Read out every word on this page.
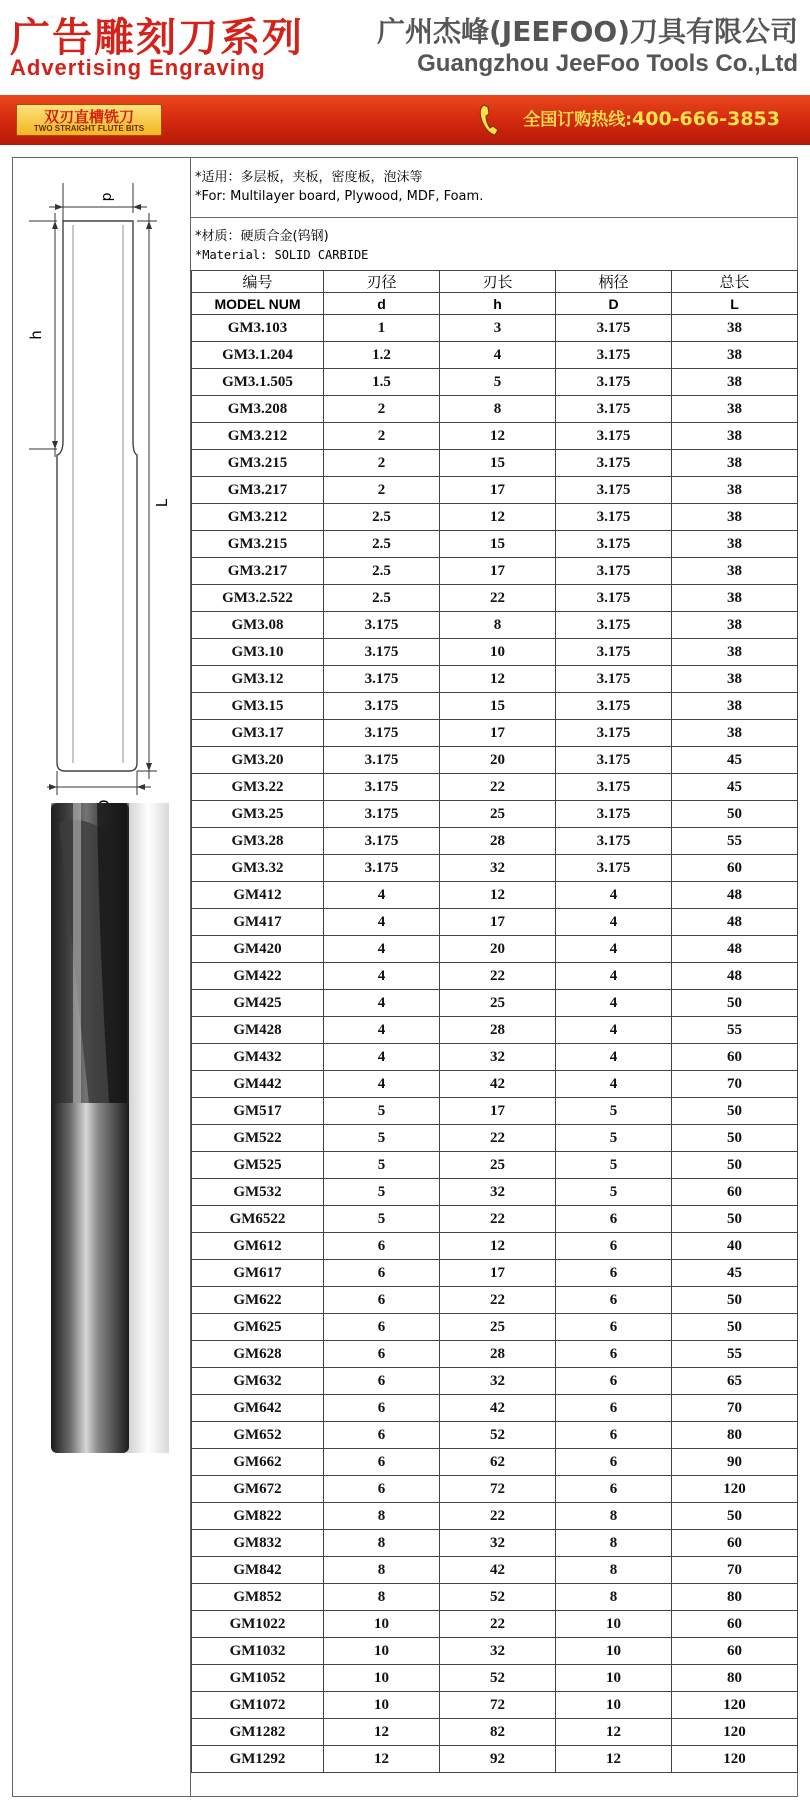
广告雕刻刀系列
Advertising Engraving
广州杰峰(JEEFOO)刀具有限公司
Guangzhou JeeFoo Tools Co.,Ltd
双刃直槽铣刀
TWO STRAIGHT FLUTE BITS	全国订购热线:400-666-3853
d
h
L
*适用：多层板，夹板，密度板，泡沫等
*For: Multilayer board, Plywood, MDF, Foam.
*材质：硬质合金(钨钢)
*Material: SOLID CARBIDE
编号	刃径	刃长	柄径	总长
MODEL NUM	d	h	D	L
GM3.103	1	3	3.175	38
GM3.1.204	1.2	4	3.175	38
GM3.1.505	1.5	5	3.175	38
GM3.208	2	8	3.175	38
GM3.212	2	12	3.175	38
GM3.215	2	15	3.175	38
GM3.217	2	17	3.175	38
GM3.212	2.5	12	3.175	38
GM3.215	2.5	15	3.175	38
GM3.217	2.5	17	3.175	38
GM3.2.522	2.5	22	3.175	38
GM3.08	3.175	8	3.175	38
GM3.10	3.175	10	3.175	38
GM3.12	3.175	12	3.175	38
GM3.15	3.175	15	3.175	38
GM3.17	3.175	17	3.175	38
GM3.20	3.175	20	3.175	45
GM3.22	3.175	22	3.175	45
GM3.25	3.175	25	3.175	50
GM3.28	3.175	28	3.175	55
GM3.32	3.175	32	3.175	60
GM412	4	12	4	48
GM417	4	17	4	48
GM420	4	20	4	48
GM422	4	22	4	48
GM425	4	25	4	50
GM428	4	28	4	55
GM432	4	32	4	60
GM442	4	42	4	70
GM517	5	17	5	50
GM522	5	22	5	50
GM525	5	25	5	50
GM532	5	32	5	60
GM6522	5	22	6	50
GM612	6	12	6	40
GM617	6	17	6	45
GM622	6	22	6	50
GM625	6	25	6	50
GM628	6	28	6	55
GM632	6	32	6	65
GM642	6	42	6	70
GM652	6	52	6	80
GM662	6	62	6	90
GM672	6	72	6	120
GM822	8	22	8	50
GM832	8	32	8	60
GM842	8	42	8	70
GM852	8	52	8	80
GM1022	10	22	10	60
GM1032	10	32	10	60
GM1052	10	52	10	80
GM1072	10	72	10	120
GM1282	12	82	12	120
GM1292	12	92	12	120
